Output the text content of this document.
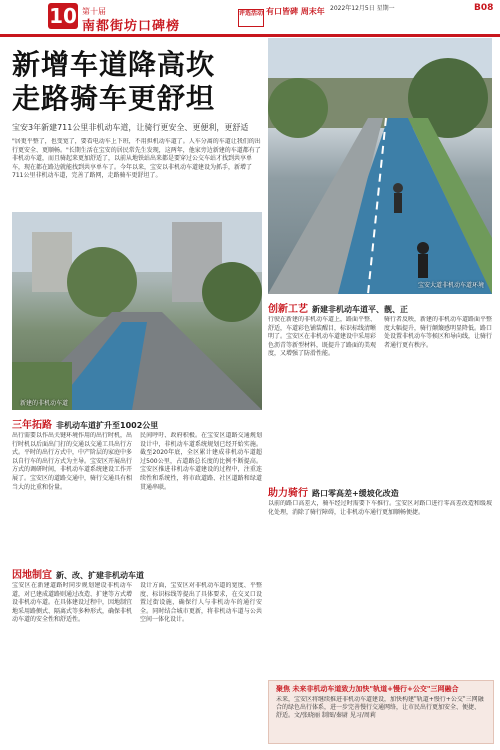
2022年12月5日 星期一	B08
10 第十届
南都街坊口碑榜
评选活动 有口皆碑 周末年
新增车道降高坎
走路骑车更舒坦
宝安3年新建711公里非机动车道，让骑行更安全、更便利，更舒适
"居更平整了，也变宽了，要看电动车上下班，不用担机动车道了。人车分离的车道让我们的出行更安全、更顺畅。"长期生活在宝安的居民常先生发现，这两年，他家旁边新建的车道都有了非机动车道，而且骑起来更加舒适了，以前从地铁站出来都是要穿过公交车站才找到共享单车，现在都在路边就能找到共享单车了。今年以来，宝安以非机动车道建设为抓手，新增了711公里非机动车道，完善了路网，走路骑车更舒坦了。
宝安大道非机动车道环境
新建的非机动车道
三年拓路 非机动车道扩升至1002公里
出行需要以作出关键环境作用的出行时机，出行时机以后面出门打的交通以交通工具出行方式。平时的出行方式中，中产阶层的家庭中多以自行车的出行方式为主导。宝安区开展出行方式的调研时间，非机动车道系统建设工作开展了。宝安区的道路交通中，骑行交通具有相当大的比重和份量。
民间呼吁、政府积极。在宝安区道路交通规划设计中，非机动车道系统规划已经开始实施。截至2020年底，全区累计建成非机动车道超过500公里，占道路总长度的比例不断提高。宝安区推进非机动车道建设的过程中，注重连续性和系统性，将市政道路、社区道路和绿道贯通串联。
因地制宜 新、改、扩建非机动车道
宝安区在新建道路时同步规划建设非机动车道，对已建成道路则通过改造、扩建等方式增设非机动车道。在具体建设过程中，因地制宜地采用路侧式、隔离式等多种形式，确保非机动车道的安全性和舒适性。
设计方面，宝安区对非机动车道的宽度、平整度、标识标线等提出了具体要求，在交叉口设置过街设施，确保行人与非机动车的通行安全。同时结合城市更新，将非机动车道与公共空间一体化设计。
创新工艺 新建非机动车道平、靓、正
行驶在新建的非机动车道上，路面平整、舒适，车道彩色铺装醒目，标识标线清晰明了。宝安区在非机动车道建设中采用彩色沥青等新型材料，既提升了路面的美观度，又增强了防滑性能。
骑行者反映，新建的非机动车道路面平整度大幅提升，骑行颠簸感明显降低。路口处设置非机动车等候区和导向线，让骑行者通行更有秩序。
助力骑行 路口零高差+缓坡化改造
以前的路口高差大，骑车经过时需要下车推行。宝安区对路口进行零高差改造和缓坡化处理，消除了骑行障碍，让非机动车通行更加顺畅便捷。
聚焦 未来非机动车道致力加快"轨道+慢行+公交"三网融合
未来，宝安区将继续推进非机动车道建设，加快构建"轨道+慢行+公交"三网融合的绿色出行体系，进一步完善慢行交通网络，让市民出行更加安全、便捷、舒适。文/张晓丽 制图/秦尉 见习/周莉
